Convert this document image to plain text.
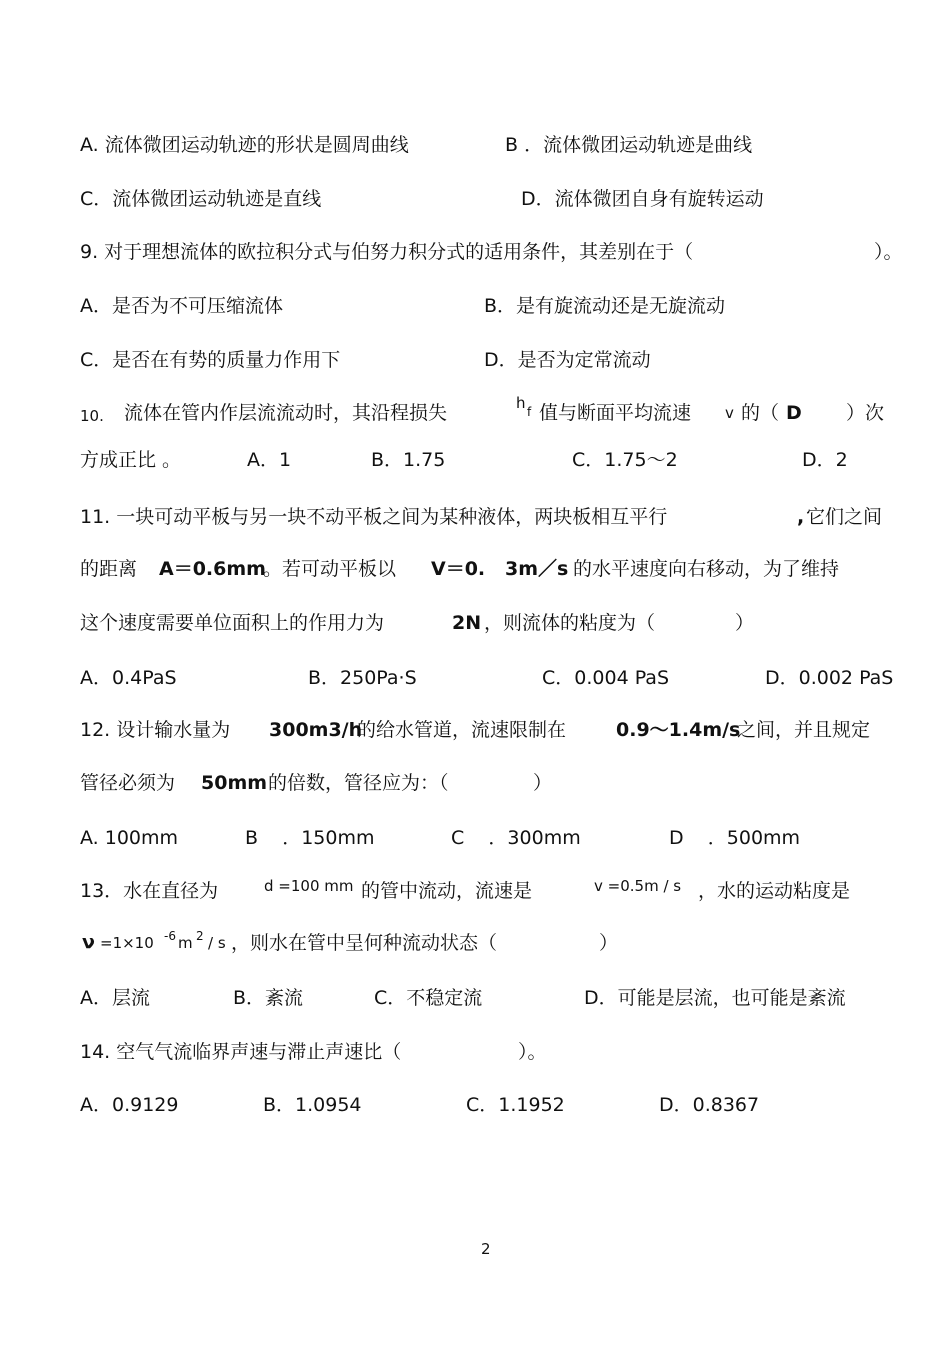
A. 流体微团运动轨迹的形状是圆周曲线	B ．流体微团运动轨迹是曲线
C．流体微团运动轨迹是直线	D．流体微团自身有旋转运动
9. 对于理想流体的欧拉积分式与伯努力积分式的适用条件，其差别在于（	）。
A．是否为不可压缩流体	B．是有旋流动还是无旋流动
C．是否在有势的质量力作用下	D．是否为定常流动
10. 流体在管内作层流流动时，其沿程损失	h f 值与断面平均流速 v 的（ D ）次
方成正比 。	A．1	B．1.75	C．1.75～2	D．2
11. 一块可动平板与另一块不动平板之间为某种液体，两块板相互平行	, 它们之间
的距离 A＝0.6mm
。若可动平板以 V＝0. 3m／s 的水平速度向右移动，为了维持
这个速度需要单位面积上的作用力为	2N ，则流体的粘度为（	）
A．0.4PaS	B．250Pa·S	C．0.004 PaS	D．0.002 PaS
12. 设计输水量为 300m3/h
的给水管道，流速限制在	0.9～1.4m/s
之间，并且规定
管径必须为 50mm 的倍数，管径应为：（	）
A. 100mm	B    ．150mm	C    ．300mm	D    ．500mm
13．水在直径为	d =100 mm 的管中流动，流速是	v =0.5m / s ，水的运动粘度是
ν =1×10 -6 m 2 / s ，则水在管中呈何种流动状态（	）
A．层流	B．紊流	C．不稳定流	D．可能是层流，也可能是紊流
14. 空气气流临界声速与滞止声速比（	）。
A．0.9129	B．1.0954	C．1.1952	D．0.8367
2
